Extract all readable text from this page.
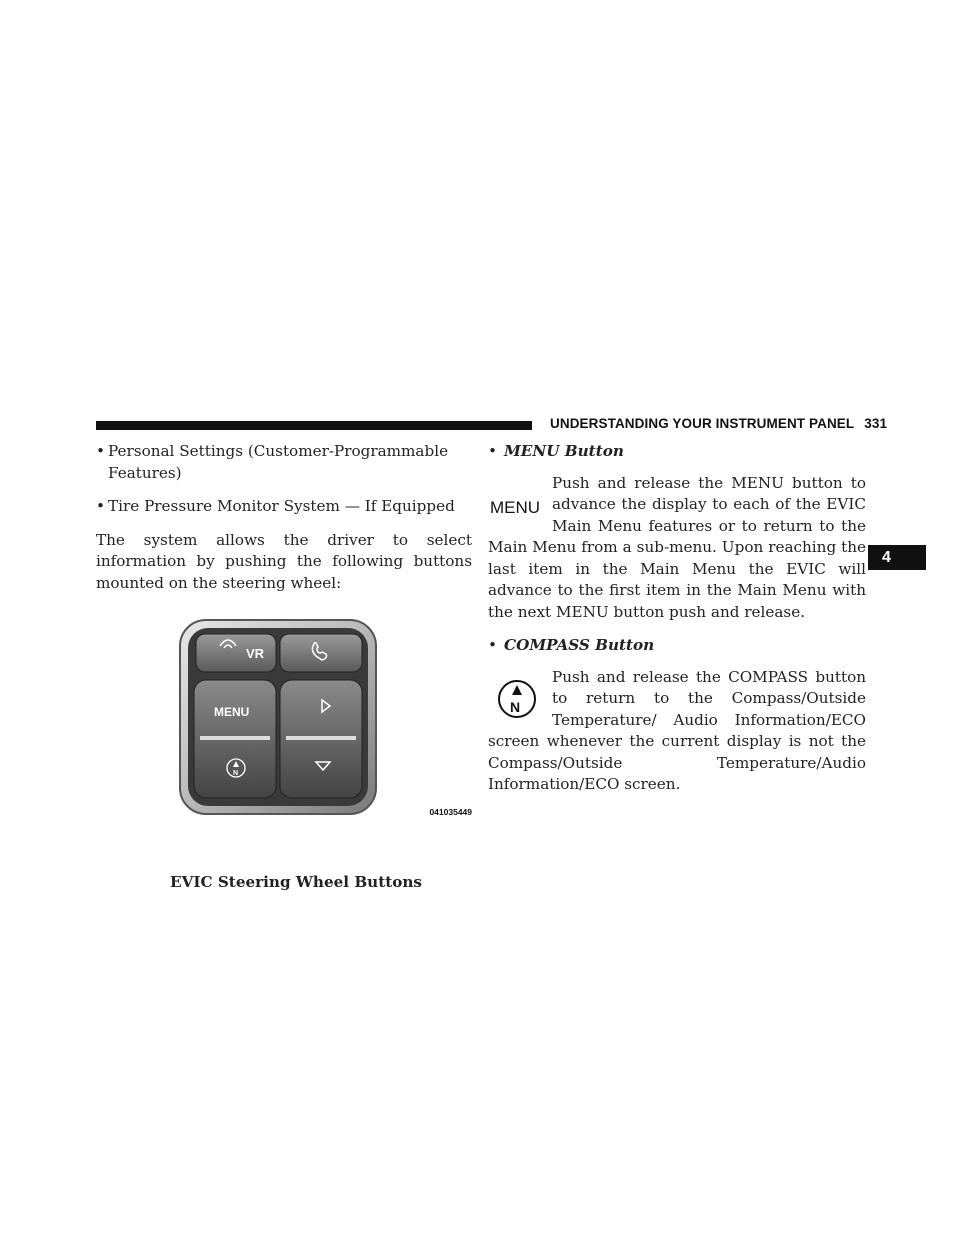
UNDERSTANDING YOUR INSTRUMENT PANEL 331
4
• Personal Settings (Customer-Programmable Features)
• Tire Pressure Monitor System — If Equipped
The system allows the driver to select information by pushing the following buttons mounted on the steering wheel:
VR
MENU
N
041035449
EVIC Steering Wheel Buttons
• MENU Button
MENU
Push and release the MENU button to advance the display to each of the EVIC Main Menu features or to return to the Main Menu from a sub-menu. Upon reaching the last item in the Main Menu the EVIC will advance to the first item in the Main Menu with the next MENU button push and release.
• COMPASS Button
N
Push and release the COMPASS button to return to the Compass/Outside Temperature/ Audio Information/ECO screen whenever the current display is not the Compass/Outside Temperature/Audio Information/ECO screen.
